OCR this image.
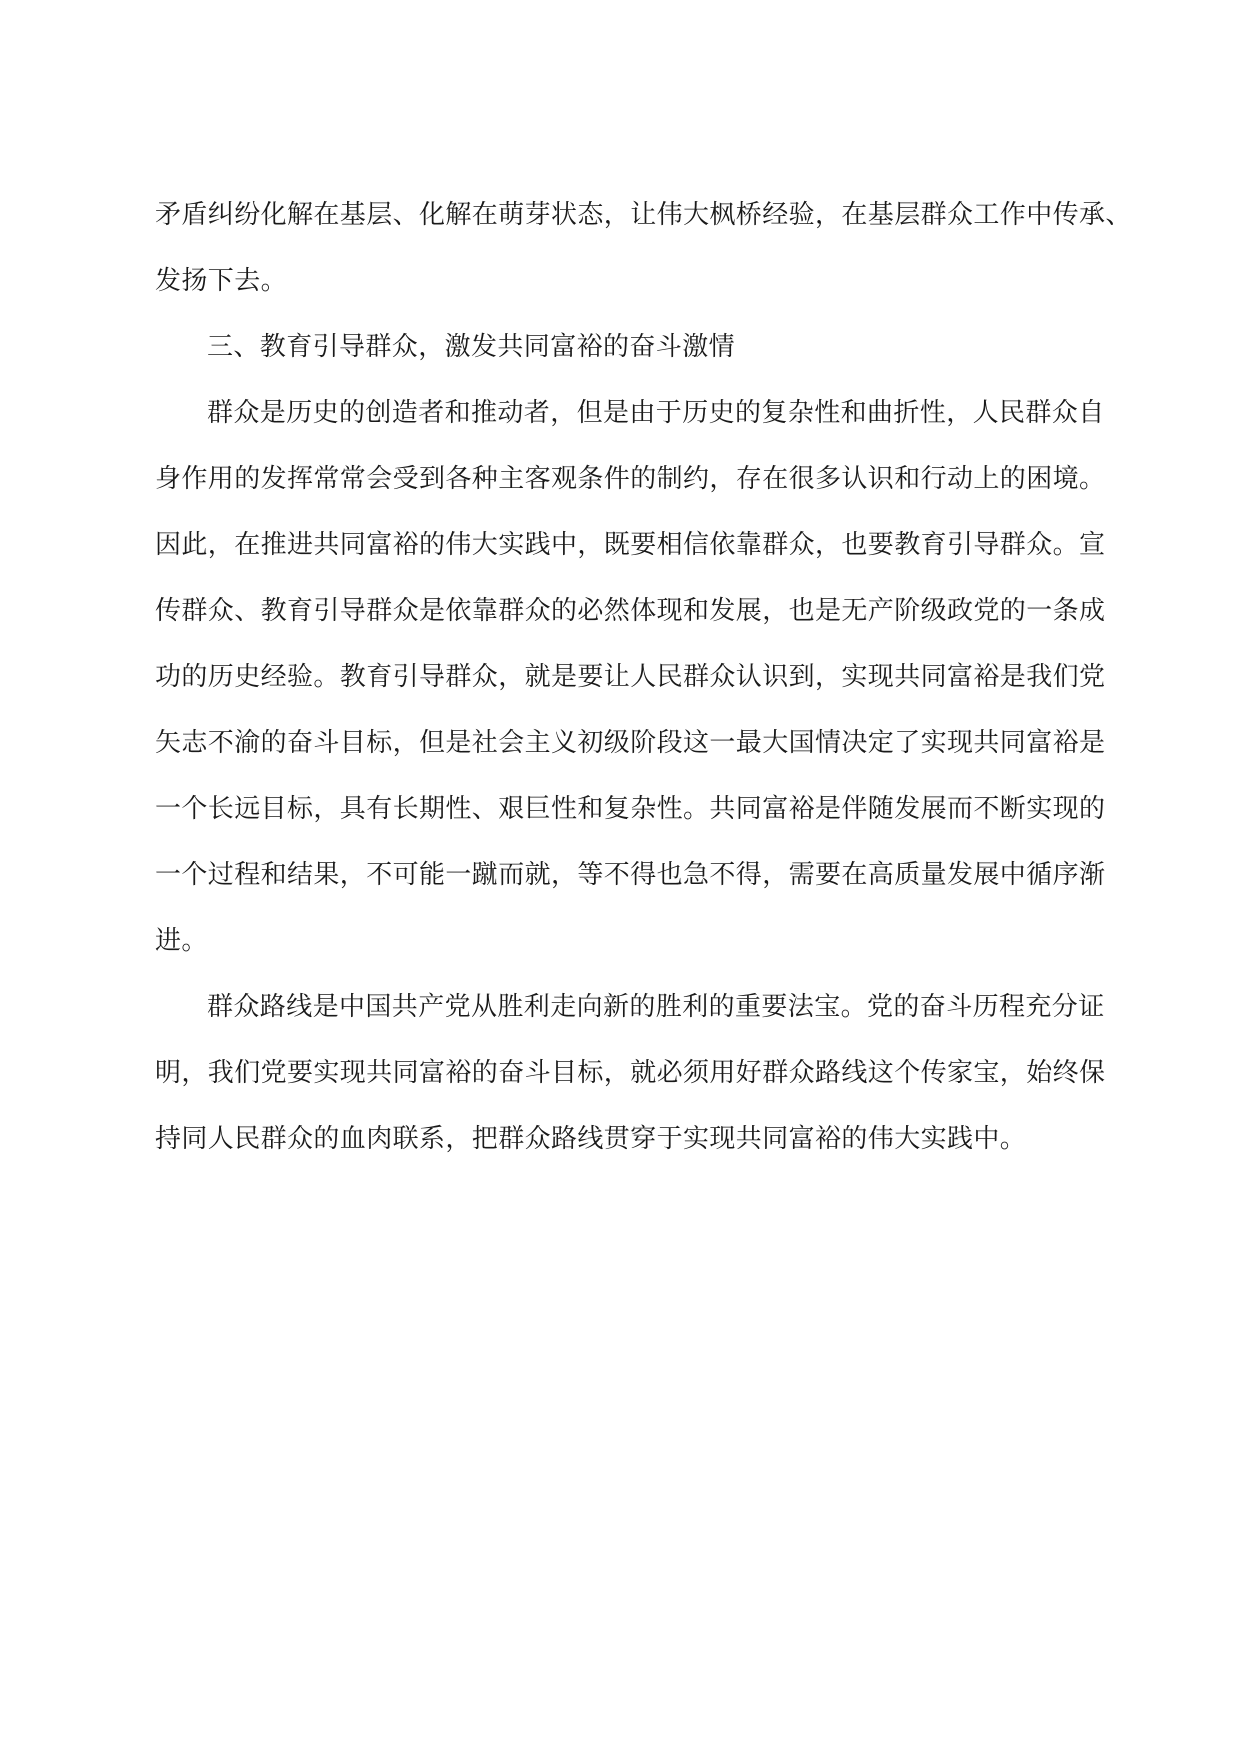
矛盾纠纷化解在基层、化解在萌芽状态，让伟大枫桥经验，在基层群众工作中传承、
发扬下去。
三、教育引导群众，激发共同富裕的奋斗激情
群众是历史的创造者和推动者，但是由于历史的复杂性和曲折性，人民群众自
身作用的发挥常常会受到各种主客观条件的制约，存在很多认识和行动上的困境。
因此，在推进共同富裕的伟大实践中，既要相信依靠群众，也要教育引导群众。宣
传群众、教育引导群众是依靠群众的必然体现和发展，也是无产阶级政党的一条成
功的历史经验。教育引导群众，就是要让人民群众认识到，实现共同富裕是我们党
矢志不渝的奋斗目标，但是社会主义初级阶段这一最大国情决定了实现共同富裕是
一个长远目标，具有长期性、艰巨性和复杂性。共同富裕是伴随发展而不断实现的
一个过程和结果，不可能一蹴而就，等不得也急不得，需要在高质量发展中循序渐
进。
群众路线是中国共产党从胜利走向新的胜利的重要法宝。党的奋斗历程充分证
明，我们党要实现共同富裕的奋斗目标，就必须用好群众路线这个传家宝，始终保
持同人民群众的血肉联系，把群众路线贯穿于实现共同富裕的伟大实践中。
